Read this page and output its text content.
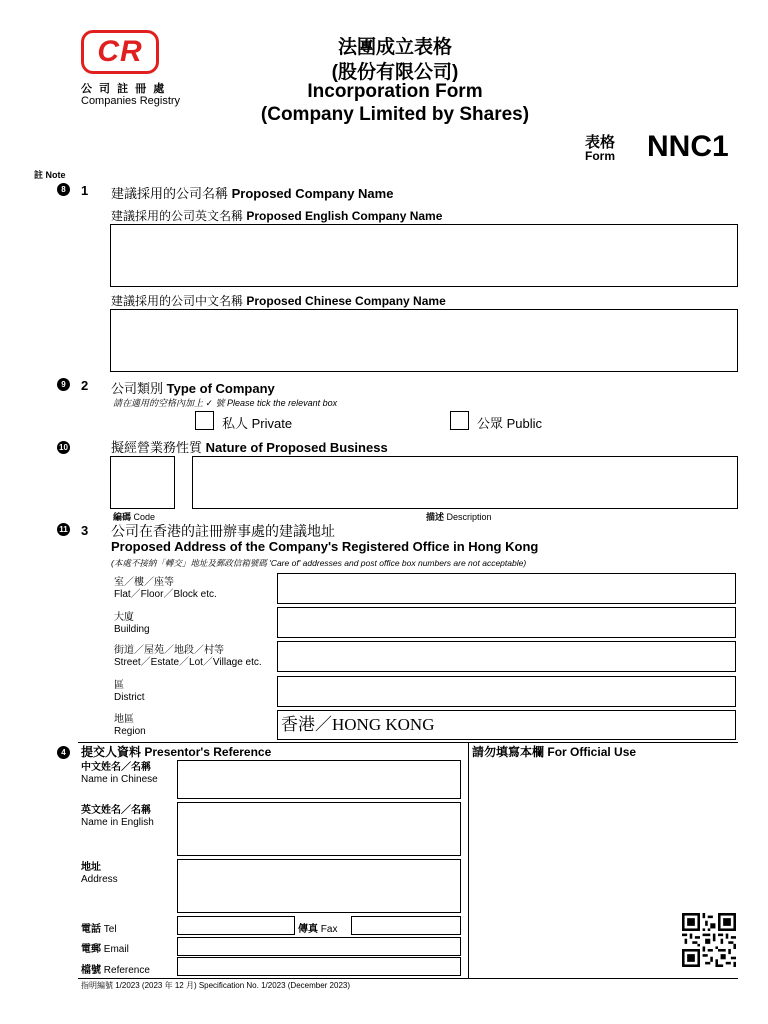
CR
公 司 註 冊 處
Companies Registry
法團成立表格
(股份有限公司)
Incorporation Form
(Company Limited by Shares)
表格
Form NNC1
註 Note
8	1 建議採用的公司名稱 Proposed Company Name
建議採用的公司英文名稱 Proposed English Company Name
建議採用的公司中文名稱 Proposed Chinese Company Name
9	2 公司類別 Type of Company
請在適用的空格內加上 ✓ 號 Please tick the relevant box
私人 Private	公眾 Public
10	擬經營業務性質 Nature of Proposed Business
編碼 Code	描述 Description
11 3 公司在香港的註冊辦事處的建議地址
Proposed Address of the Company's Registered Office in Hong Kong
(本處不接納「轉交」地址及郵政信箱號碼 'Care of' addresses and post office box numbers are not acceptable)
室／樓／座等
Flat／Floor／Block etc.
大廈
Building
街道／屋苑／地段／村等
Street／Estate／Lot／Village etc.
區
District
地區
Region	香港／HONG KONG
4	提交人資料 Presentor's Reference	請勿填寫本欄 For Official Use
中文姓名／名稱
Name in Chinese
英文姓名／名稱
Name in English
地址
Address
電話 Tel	傳真 Fax
電郵 Email
檔號 Reference
指明編號 1/2023 (2023 年 12 月) Specification No. 1/2023 (December 2023)
